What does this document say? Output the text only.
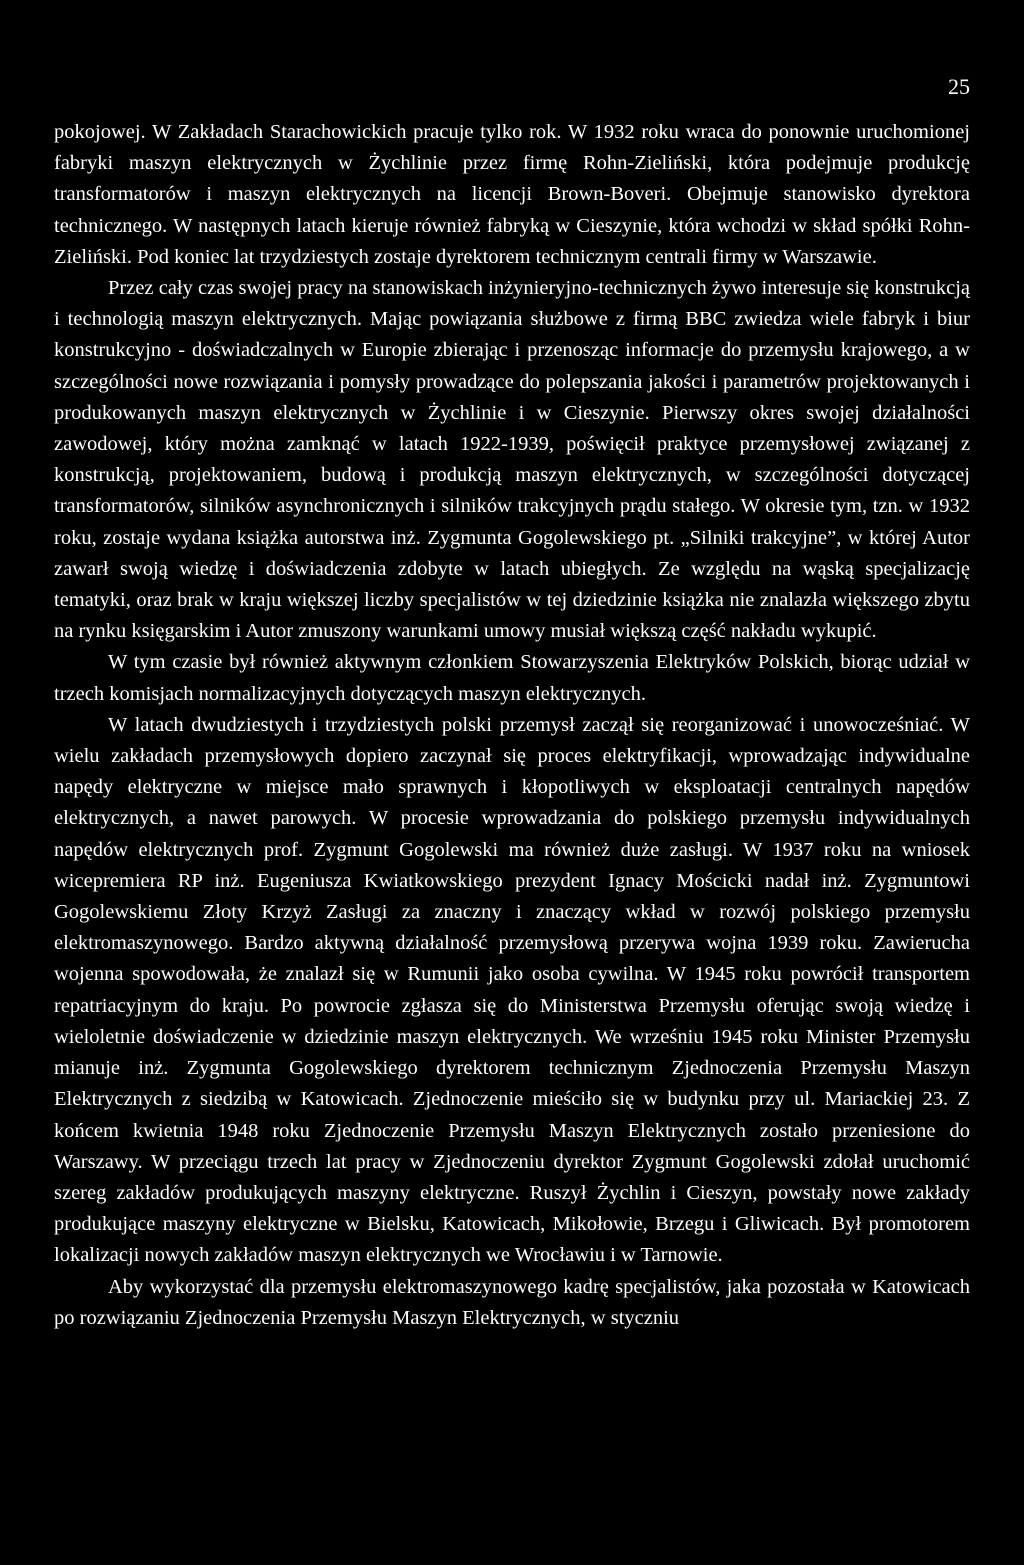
25

pokojowej. W Zakładach Starachowickich pracuje tylko rok. W 1932 roku wraca do ponownie uruchomionej fabryki maszyn elektrycznych w Żychlinie przez firmę Rohn-Zieliński, która podejmuje produkcję transformatorów i maszyn elektrycznych na licencji Brown-Boveri. Obejmuje stanowisko dyrektora technicznego. W następnych latach kieruje również fabryką w Cieszynie, która wchodzi w skład spółki Rohn-Zieliński. Pod koniec lat trzydziestych zostaje dyrektorem technicznym centrali firmy w Warszawie.

Przez cały czas swojej pracy na stanowiskach inżynieryjno-technicznych żywo interesuje się konstrukcją i technologią maszyn elektrycznych. Mając powiązania służbowe z firmą BBC zwiedza wiele fabryk i biur konstrukcyjno - doświadczalnych w Europie zbierając i przenosząc informacje do przemysłu krajowego, a w szczególności nowe rozwiązania i pomysły prowadzące do polepszania jakości i parametrów projektowanych i produkowanych maszyn elektrycznych w Żychlinie i w Cieszynie. Pierwszy okres swojej działalności zawodowej, który można zamknąć w latach 1922-1939, poświęcił praktyce przemysłowej związanej z konstrukcją, projektowaniem, budową i produkcją maszyn elektrycznych, w szczególności dotyczącej transformatorów, silników asynchronicznych i silników trakcyjnych prądu stałego. W okresie tym, tzn. w 1932 roku, zostaje wydana książka autorstwa inż. Zygmunta Gogolewskiego pt. „Silniki trakcyjne”, w której Autor zawarł swoją wiedzę i doświadczenia zdobyte w latach ubiegłych. Ze względu na wąską specjalizację tematyki, oraz brak w kraju większej liczby specjalistów w tej dziedzinie książka nie znalazła większego zbytu na rynku księgarskim i Autor zmuszony warunkami umowy musiał większą część nakładu wykupić.

W tym czasie był również aktywnym członkiem Stowarzyszenia Elektryków Polskich, biorąc udział w trzech komisjach normalizacyjnych dotyczących maszyn elektrycznych.

W latach dwudziestych i trzydziestych polski przemysł zaczął się reorganizować i unowocześniać. W wielu zakładach przemysłowych dopiero zaczynał się proces elektryfikacji, wprowadzając indywidualne napędy elektryczne w miejsce mało sprawnych i kłopotliwych w eksploatacji centralnych napędów elektrycznych, a nawet parowych. W procesie wprowadzania do polskiego przemysłu indywidualnych napędów elektrycznych prof. Zygmunt Gogolewski ma również duże zasługi. W 1937 roku na wniosek wicepremiera RP inż. Eugeniusza Kwiatkowskiego prezydent Ignacy Mościcki nadał inż. Zygmuntowi Gogolewskiemu Złoty Krzyż Zasługi za znaczny i znaczący wkład w rozwój polskiego przemysłu elektromaszynowego. Bardzo aktywną działalność przemysłową przerywa wojna 1939 roku. Zawierucha wojenna spowodowała, że znalazł się w Rumunii jako osoba cywilna. W 1945 roku powrócił transportem repatriacyjnym do kraju. Po powrocie zgłasza się do Ministerstwa Przemysłu oferując swoją wiedzę i wieloletnie doświadczenie w dziedzinie maszyn elektrycznych. We wrześniu 1945 roku Minister Przemysłu mianuje inż. Zygmunta Gogolewskiego dyrektorem technicznym Zjednoczenia Przemysłu Maszyn Elektrycznych z siedzibą w Katowicach. Zjednoczenie mieściło się w budynku przy ul. Mariackiej 23. Z końcem kwietnia 1948 roku Zjednoczenie Przemysłu Maszyn Elektrycznych zostało przeniesione do Warszawy. W przeciągu trzech lat pracy w Zjednoczeniu dyrektor Zygmunt Gogolewski zdołał uruchomić szereg zakładów produkujących maszyny elektryczne. Ruszył Żychlin i Cieszyn, powstały nowe zakłady produkujące maszyny elektryczne w Bielsku, Katowicach, Mikołowie, Brzegu i Gliwicach. Był promotorem lokalizacji nowych zakładów maszyn elektrycznych we Wrocławiu i w Tarnowie.

Aby wykorzystać dla przemysłu elektromaszynowego kadrę specjalistów, jaka pozostała w Katowicach po rozwiązaniu Zjednoczenia Przemysłu Maszyn Elektrycznych, w styczniu
